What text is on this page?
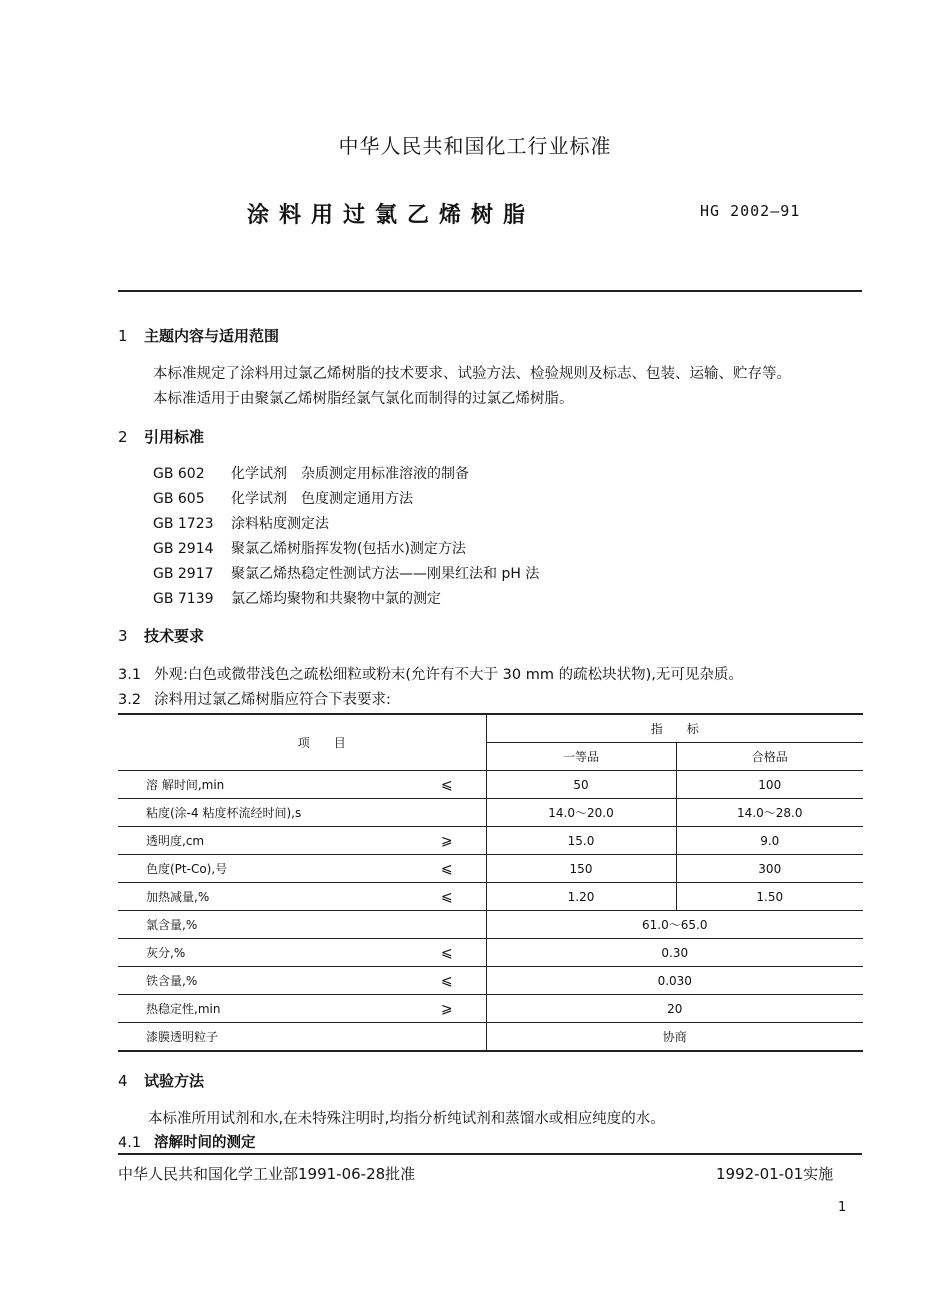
中华人民共和国化工行业标准
涂料用过氯乙烯树脂	HG 2002—91
1 主题内容与适用范围
本标准规定了涂料用过氯乙烯树脂的技术要求、试验方法、检验规则及标志、包装、运输、贮存等。
本标准适用于由聚氯乙烯树脂经氯气氯化而制得的过氯乙烯树脂。
2 引用标准
GB 602 化学试剂　杂质测定用标准溶液的制备
GB 605 化学试剂　色度测定通用方法
GB 1723 涂料粘度测定法
GB 2914 聚氯乙烯树脂挥发物(包括水)测定方法
GB 2917 聚氯乙烯热稳定性测试方法——刚果红法和 pH 法
GB 7139 氯乙烯均聚物和共聚物中氯的测定
3 技术要求
3.1 外观:白色或微带浅色之疏松细粒或粉末(允许有不大于 30 mm 的疏松块状物),无可见杂质。
3.2 涂料用过氯乙烯树脂应符合下表要求:
项　　目		指　　标	
		一等品	合格品
溶 解时间,min	⩽	50	100
粘度(涂-4 粘度杯流经时间),s		14.0～20.0	14.0～28.0
透明度,cm	⩾	15.0	9.0
色度(Pt-Co),号	⩽	150	300
加热减量,%	⩽	1.20	1.50
氯含量,%		61.0～65.0	
灰分,%	⩽	0.30	
铁含量,%	⩽	0.030	
热稳定性,min	⩾	20	
漆膜透明粒子		协商	
4 试验方法
本标准所用试剂和水,在未特殊注明时,均指分析纯试剂和蒸馏水或相应纯度的水。
4.1 溶解时间的测定
中华人民共和国化学工业部1991-06-28批准	1992-01-01实施
1
